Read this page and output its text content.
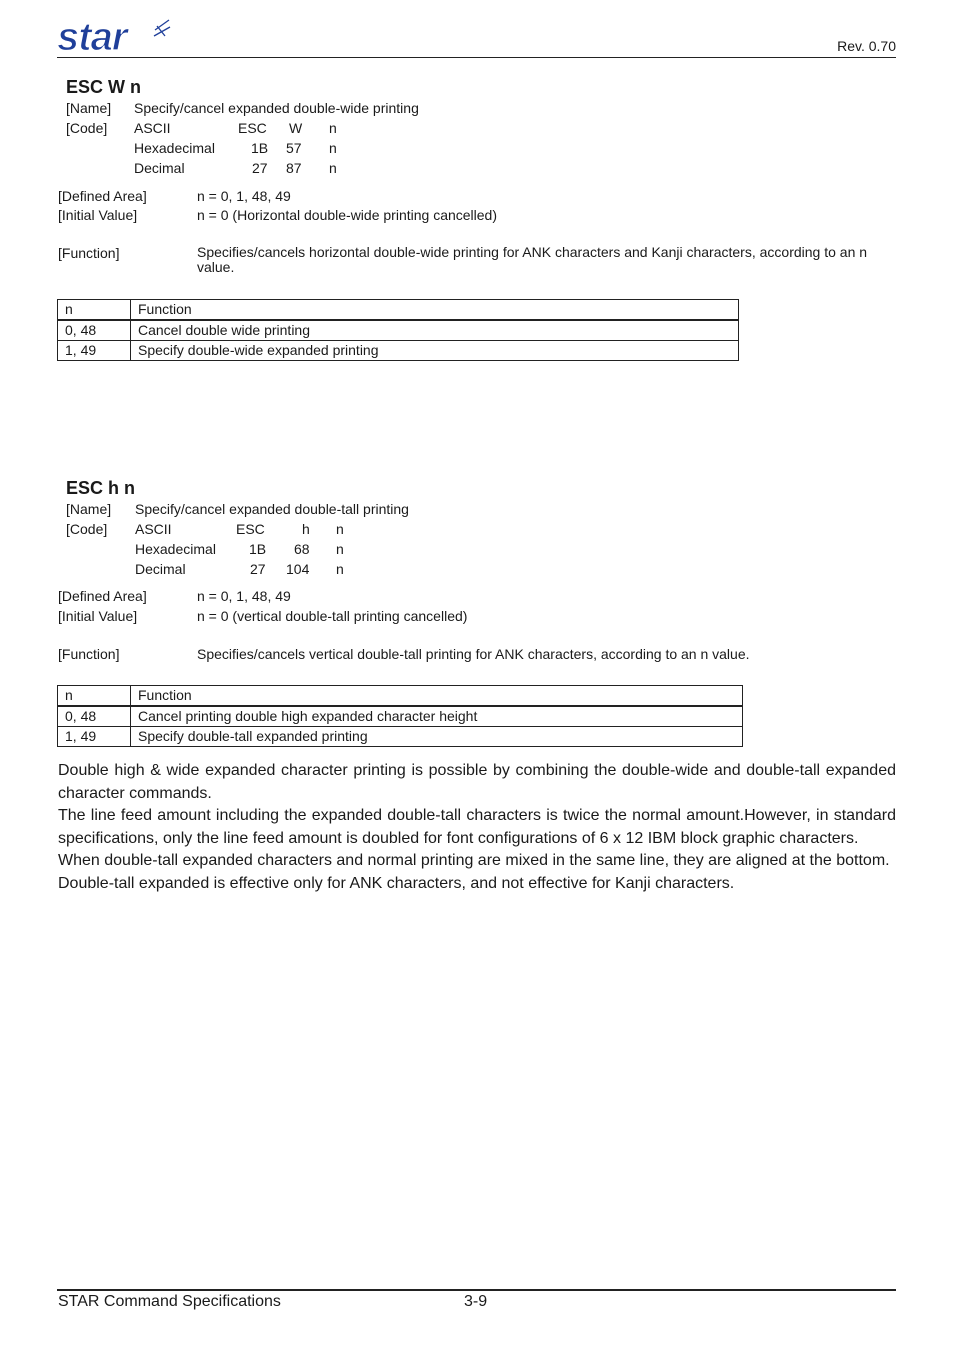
star	Rev. 0.70
ESC W n
[Name] Specify/cancel expanded double-wide printing
[Code] ASCII	ESC W n
Hexadecimal	1B 57 n
Decimal	27 87 n
[Defined Area]	n = 0, 1, 48, 49
[Initial Value]	n = 0 (Horizontal double-wide printing cancelled)
[Function]	Specifies/cancels horizontal double-wide printing for ANK characters and Kanji characters, according to an n value.
n	Function
0, 48	Cancel double wide printing
1, 49	Specify double-wide expanded printing
ESC h n
[Name] Specify/cancel expanded double-tall printing
[Code] ASCII	ESC	h n
Hexadecimal 1B 68 n
Decimal	27 104 n
[Defined Area]	n = 0, 1, 48, 49
[Initial Value]	n = 0 (vertical double-tall printing cancelled)
[Function]	Specifies/cancels vertical double-tall printing for ANK characters, according to an n value.
n	Function
0, 48	Cancel printing double high expanded character height
1, 49	Specify double-tall expanded printing

Double high & wide expanded character printing is possible by combining the double-wide and double-tall expanded character commands.

The line feed amount including the expanded double-tall characters is twice the normal amount.However, in standard specifications, only the line feed amount is doubled for font configurations of 6 x 12 IBM block graphic characters.

When double-tall expanded characters and normal printing are mixed in the same line, they are aligned at the bottom.

Double-tall expanded is effective only for ANK characters, and not effective for Kanji characters.

STAR Command Specifications	3-9
